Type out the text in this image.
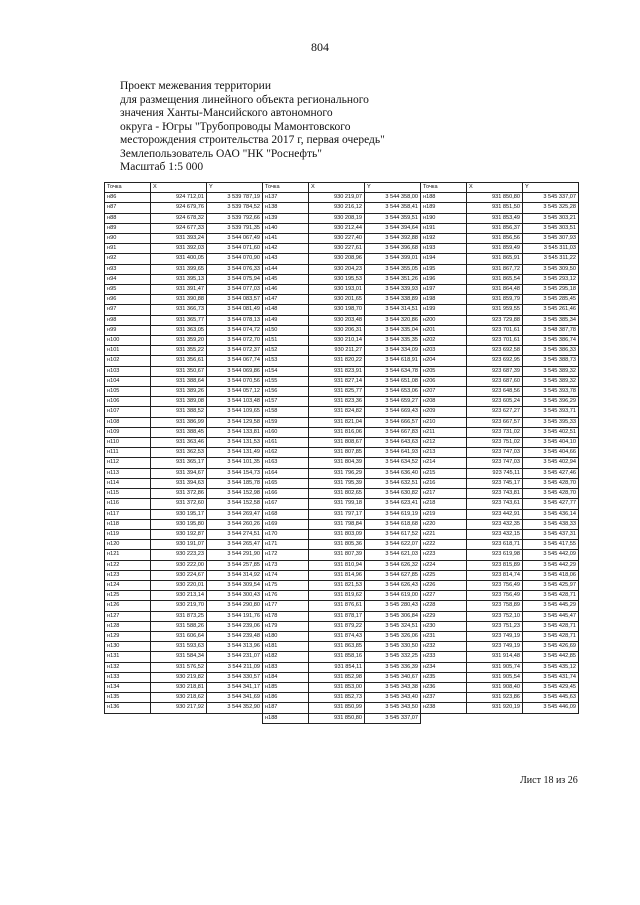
804
Проект межевания территории
для размещения линейного объекта регионального
значения Ханты-Мансийского автономного
округа - Югры "Трубопроводы Мамонтовского
месторождения строительства 2017 г, первая очередь"
Землепользователь ОАО "НК "Роснефть"
Масштаб 1:5 000
Точка	X	Y	Точка	X	Y	Точка	X	Y
н86	924 712,01	3 539 787,19	н137	930 219,07	3 544 358,00	н188	931 850,80	3 545 337,07
н87	924 679,76	3 539 784,52	н138	930 216,12	3 544 358,41	н189	931 851,50	3 545 325,28
н88	924 678,32	3 539 792,66	н139	930 208,19	3 544 359,51	н190	931 853,49	3 545 303,21
н89	924 677,33	3 539 791,35	н140	930 212,44	3 544 394,64	н191	931 856,37	3 545 303,51
н90	931 393,24	3 544 067,49	н141	930 227,40	3 544 392,88	н192	931 856,56	3 545 307,93
н91	931 392,03	3 544 071,60	н142	930 227,61	3 544 396,68	н193	931 859,49	3 545 311,03
н92	931 400,05	3 544 070,90	н143	930 208,96	3 544 399,01	н194	931 865,91	3 545 311,22
н93	931 399,65	3 544 076,33	н144	930 204,23	3 544 355,05	н195	931 867,72	3 545 309,50
н94	931 395,13	3 544 075,94	н145	930 195,53	3 544 351,26	н196	931 865,54	3 545 293,12
н95	931 391,47	3 544 077,03	н146	930 193,01	3 544 339,93	н197	931 864,48	3 545 295,18
н96	931 390,88	3 544 083,57	н147	930 201,65	3 544 338,89	н198	931 859,79	3 545 285,45
н97	931 366,73	3 544 081,49	н148	930 198,70	3 544 314,51	н199	931 959,55	3 545 261,46
н98	931 365,77	3 544 078,13	н149	930 203,48	3 544 320,86	н200	923 729,88	3 545 385,34
н99	931 363,05	3 544 074,72	н150	930 206,31	3 544 335,04	н201	923 701,61	3 548 387,78
н100	931 359,20	3 544 072,70	н151	930 210,14	3 544 335,35	н202	923 701,61	3 545 386,74
н101	931 355,22	3 544 072,37	н152	930 211,27	3 544 334,09	н203	923 692,58	3 545 386,33
н102	931 356,61	3 544 067,74	н153	931 820,22	3 544 618,91	н204	923 692,95	3 545 388,73
н103	931 350,67	3 544 069,86	н154	931 823,91	3 544 634,78	н205	923 687,39	3 545 389,32
н104	931 388,64	3 544 070,56	н155	931 827,14	3 544 651,08	н206	923 687,60	3 545 389,32
н105	931 389,26	3 544 057,12	н156	931 825,77	3 544 653,06	н207	923 648,56	3 545 393,78
н106	931 389,08	3 544 103,48	н157	931 823,36	3 544 659,27	н208	923 605,24	3 545 396,29
н107	931 388,52	3 544 109,65	н158	931 824,82	3 544 669,43	н209	923 627,27	3 545 393,71
н108	931 386,99	3 544 129,58	н159	931 821,04	3 544 666,57	н210	923 667,57	3 545 395,33
н109	931 388,45	3 544 133,81	н160	931 816,06	3 544 667,83	н211	923 731,02	3 545 402,51
н110	931 363,46	3 544 131,53	н161	931 808,67	3 544 643,63	н212	923 751,02	3 545 404,10
н111	931 362,53	3 544 131,49	н162	931 807,85	3 544 641,93	н213	923 747,03	3 545 404,66
н112	931 365,17	3 544 101,35	н163	931 804,39	3 544 634,52	н214	923 747,03	3 545 402,94
н113	931 394,67	3 544 154,73	н164	931 796,29	3 544 636,40	н215	923 745,11	3 545 427,46
н114	931 394,63	3 544 185,78	н165	931 795,39	3 544 632,51	н216	923 745,17	3 545 428,70
н115	931 372,86	3 544 152,98	н166	931 802,65	3 544 630,82	н217	923 743,81	3 545 428,70
н116	931 372,60	3 544 152,58	н167	931 799,18	3 544 623,41	н218	923 743,61	3 545 427,77
н117	930 195,17	3 544 269,47	н168	931 797,17	3 544 619,19	н219	923 442,91	3 545 436,14
н118	930 195,80	3 544 260,26	н169	931 798,84	3 544 618,68	н220	923 432,35	3 545 438,33
н119	930 192,87	3 544 274,51	н170	931 803,09	3 544 617,52	н221	923 432,15	3 545 437,31
н120	930 191,07	3 544 265,47	н171	931 805,36	3 544 622,07	н222	923 618,71	3 545 417,55
н121	930 223,23	3 544 291,90	н172	931 807,39	3 544 621,03	н223	923 619,98	3 545 442,09
н122	930 222,00	3 544 257,85	н173	931 810,94	3 544 626,32	н224	923 815,89	3 545 442,29
н123	930 224,67	3 544 314,92	н174	931 814,96	3 544 627,85	н225	923 814,74	3 545 418,06
н124	930 220,01	3 544 309,54	н175	931 821,53	3 544 626,43	н226	923 756,49	3 545 425,97
н125	930 213,14	3 544 300,43	н176	931 819,62	3 544 619,00	н227	923 756,49	3 545 428,71
н126	930 219,70	3 544 290,80	н177	931 876,61	3 545 280,43	н228	923 758,89	3 545 445,29
н127	931 873,25	3 544 191,76	н178	931 878,17	3 545 306,84	н229	923 752,10	3 545 445,47
н128	931 588,26	3 544 239,06	н179	931 879,22	3 545 324,51	н230	923 751,23	3 545 428,71
н129	931 606,64	3 544 239,48	н180	931 874,43	3 545 326,06	н231	923 749,19	3 545 428,71
н130	931 593,63	3 544 313,96	н181	931 863,85	3 545 330,50	н232	923 749,19	3 545 426,69
н131	931 584,34	3 544 231,07	н182	931 858,16	3 545 332,25	н233	931 914,48	3 545 442,85
н132	931 576,52	3 544 211,09	н183	931 854,11	3 545 336,39	н234	931 905,74	3 545 435,12
н133	930 219,82	3 544 330,57	н184	931 852,98	3 545 340,67	н235	931 905,54	3 545 431,74
н134	930 218,81	3 544 341,17	н185	931 853,00	3 545 343,38	н236	931 908,40	3 545 429,45
н135	930 218,62	3 544 341,69	н186	931 852,73	3 545 343,40	н237	931 923,86	3 545 445,63
н136	930 217,92	3 544 352,90	н187	931 850,99	3 545 343,50	н238	931 920,19	3 545 446,09
			н188	931 850,80	3 545 337,07			
Лист 18 из 26
